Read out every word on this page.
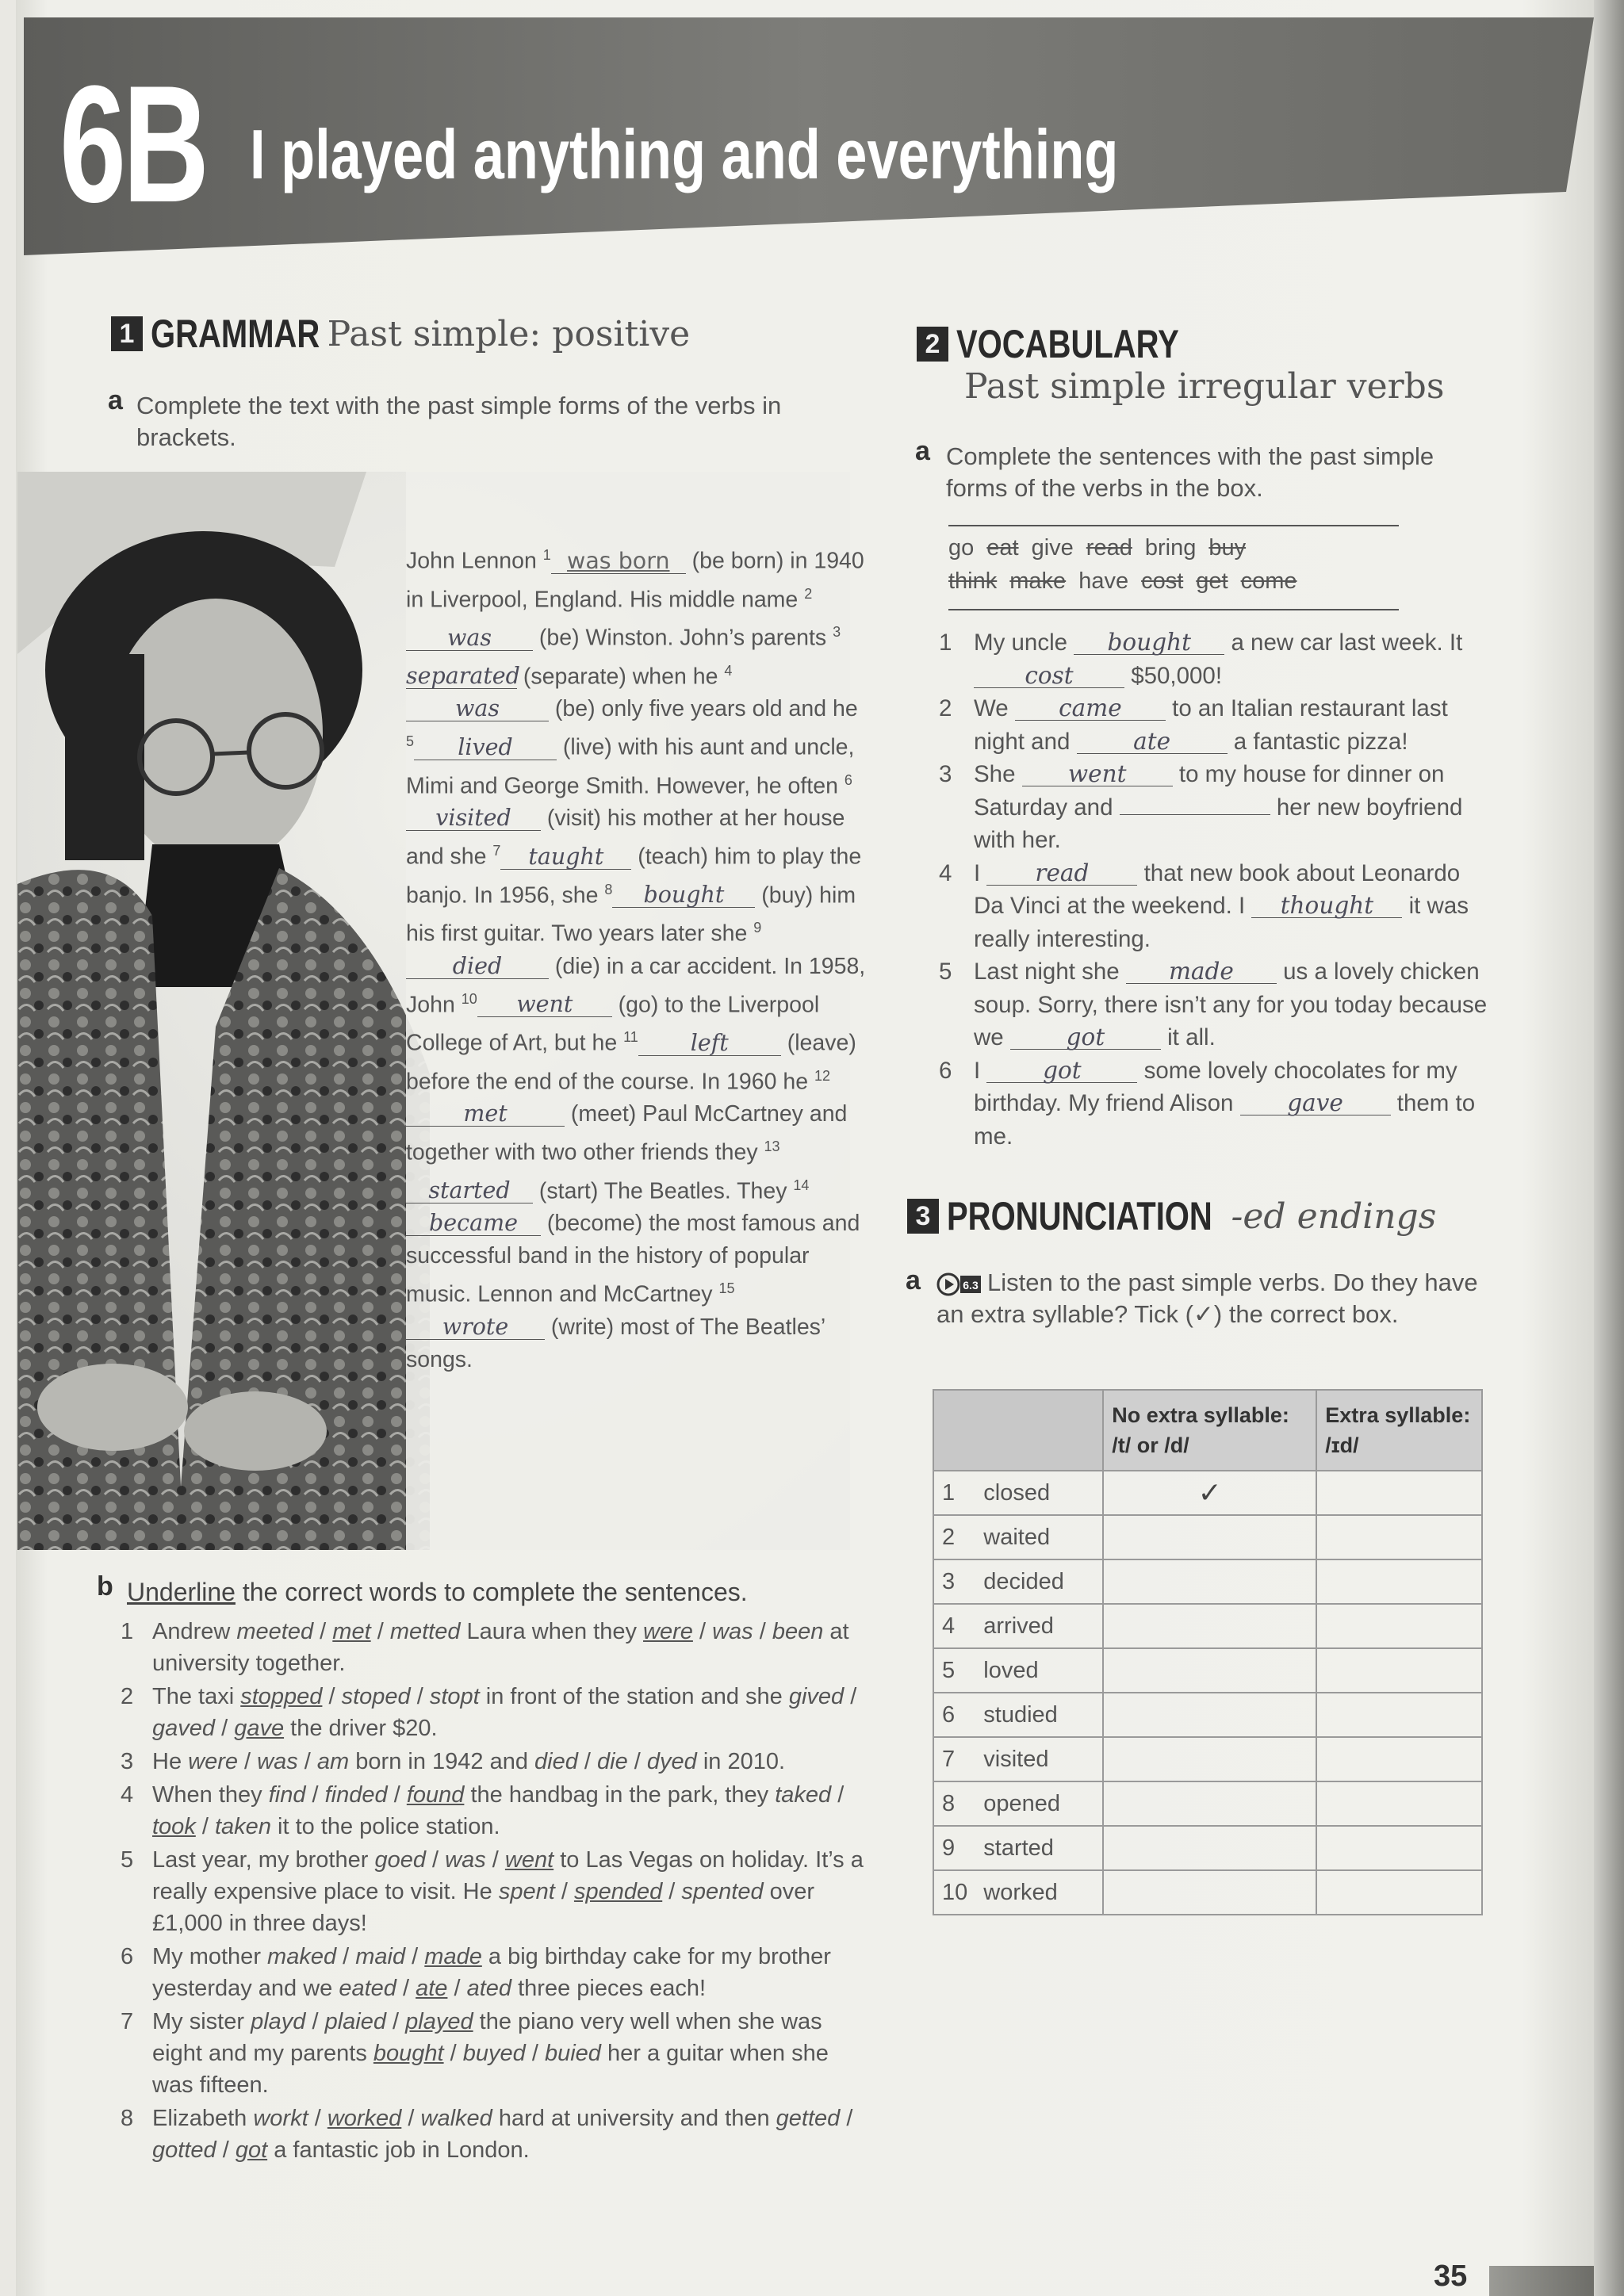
6B I played anything and everything
1 GRAMMAR Past simple: positive
a Complete the text with the past simple forms of the verbs in brackets.
John Lennon $^1$ was born (be born) in 1940 in Liverpool, England. His middle name $^2$was (be) Winston. John’s parents $^3$separated (separate) when he $^4$was (be) only five years old and he $^5$ lived (live) with his aunt and uncle, Mimi and George Smith. However, he often $^6$visited (visit) his mother at her house and she $^7$ taught (teach) him to play the banjo. In 1956, she $^8$ bought (buy) him his first guitar. Two years later she $^9$died (die) in a car accident. In 1958, John $^{10}$ went (go) to the Liverpool College of Art, but he $^{11}$ left (leave) before the end of the course. In 1960 he $^{12}$met	(meet) Paul McCartney and together with two other friends they $^{13}$started (start) The Beatles. They $^{14}$became (become) the most famous and successful band in the history of popular music. Lennon and McCartney $^{15}$wrote (write) most of The Beatles’ songs.
b Underline the correct words to complete the sentences.
1 Andrew meeted / met / metted Laura when they were / was / been at university together.
2 The taxi stopped / stoped / stopt in front of the station and she gived / gaved / gave the driver $20.
3 He were / was / am born in 1942 and died / die / dyed in 2010.
4 When they find / finded / found the handbag in the park, they taked / took / taken it to the police station.
5 Last year, my brother goed / was / went to Las Vegas on holiday. It’s a really expensive place to visit. He spent / spended / spented over £1,000 in three days!
6 My mother maked / maid / made a big birthday cake for my brother yesterday and we eated / ate / ated three pieces each!
7 My sister playd / plaied / played the piano very well when she was eight and my parents bought / buyed / buied her a guitar when she was fifteen.
8 Elizabeth workt / worked / walked hard at university and then getted / gotted / got a fantastic job in London.
2 VOCABULARY
Past simple irregular verbs
a Complete the sentences with the past simple forms of the verbs in the box.
go eat give read bring buy
think make have cost get come
1 My uncle bought a new car last week. It cost $50,000!
2 We came to an Italian restaurant last night and ate a fantastic pizza!
3 She went to my house for dinner on Saturday and	her new boyfriend with her.
4 I read that new book about Leonardo Da Vinci at the weekend. I thought it was really interesting.
5 Last night she made us a lovely chicken soup. Sorry, there isn’t any for you today because we got it all.
6 I got some lovely chocolates for my birthday. My friend Alison gave them to me.
3 PRONUNCIATION -ed endings
a	6.3 Listen to the past simple verbs. Do they have an extra syllable? Tick (✓) the correct box.
		No extra syllable: /t/ or /d/	Extra syllable: /ɪd/
1	closed	✓	
2	waited		
3	decided		
4	arrived		
5	loved		
6	studied		
7	visited		
8	opened		
9	started		
10	worked		
35
